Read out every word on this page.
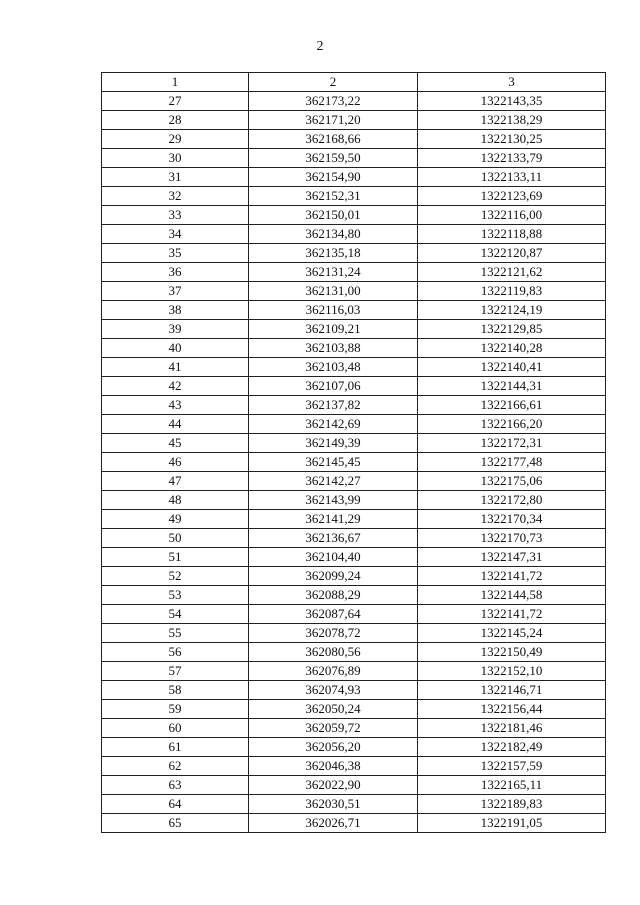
2
1	2	3
27	362173,22	1322143,35
28	362171,20	1322138,29
29	362168,66	1322130,25
30	362159,50	1322133,79
31	362154,90	1322133,11
32	362152,31	1322123,69
33	362150,01	1322116,00
34	362134,80	1322118,88
35	362135,18	1322120,87
36	362131,24	1322121,62
37	362131,00	1322119,83
38	362116,03	1322124,19
39	362109,21	1322129,85
40	362103,88	1322140,28
41	362103,48	1322140,41
42	362107,06	1322144,31
43	362137,82	1322166,61
44	362142,69	1322166,20
45	362149,39	1322172,31
46	362145,45	1322177,48
47	362142,27	1322175,06
48	362143,99	1322172,80
49	362141,29	1322170,34
50	362136,67	1322170,73
51	362104,40	1322147,31
52	362099,24	1322141,72
53	362088,29	1322144,58
54	362087,64	1322141,72
55	362078,72	1322145,24
56	362080,56	1322150,49
57	362076,89	1322152,10
58	362074,93	1322146,71
59	362050,24	1322156,44
60	362059,72	1322181,46
61	362056,20	1322182,49
62	362046,38	1322157,59
63	362022,90	1322165,11
64	362030,51	1322189,83
65	362026,71	1322191,05
